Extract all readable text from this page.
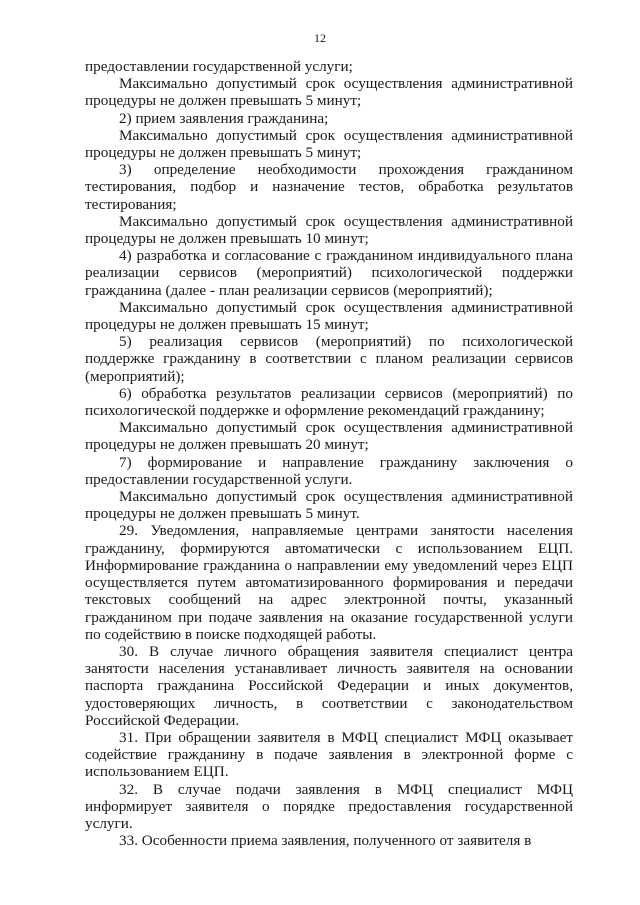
12

предоставлении государственной услуги;

Максимально допустимый срок осуществления административной процедуры не должен превышать 5 минут;

2) прием заявления гражданина;

Максимально допустимый срок осуществления административной процедуры не должен превышать 5 минут;

3) определение необходимости прохождения гражданином тестирования, подбор и назначение тестов, обработка результатов тестирования;

Максимально допустимый срок осуществления административной процедуры не должен превышать 10 минут;

4) разработка и согласование с гражданином индивидуального плана реализации сервисов (мероприятий) психологической поддержки гражданина (далее - план реализации сервисов (мероприятий);

Максимально допустимый срок осуществления административной процедуры не должен превышать 15 минут;

5) реализация сервисов (мероприятий) по психологической поддержке гражданину в соответствии с планом реализации сервисов (мероприятий);

6) обработка результатов реализации сервисов (мероприятий) по психологической поддержке и оформление рекомендаций гражданину;

Максимально допустимый срок осуществления административной процедуры не должен превышать 20 минут;

7) формирование и направление гражданину заключения о предоставлении государственной услуги.

Максимально допустимый срок осуществления административной процедуры не должен превышать 5 минут.

29. Уведомления, направляемые центрами занятости населения гражданину, формируются автоматически с использованием ЕЦП. Информирование гражданина о направлении ему уведомлений через ЕЦП осуществляется путем автоматизированного формирования и передачи текстовых сообщений на адрес электронной почты, указанный гражданином при подаче заявления на оказание государственной услуги по содействию в поиске подходящей работы.

30. В случае личного обращения заявителя специалист центра занятости населения устанавливает личность заявителя на основании паспорта гражданина Российской Федерации и иных документов, удостоверяющих личность, в соответствии с законодательством Российской Федерации.

31. При обращении заявителя в МФЦ специалист МФЦ оказывает содействие гражданину в подаче заявления в электронной форме с использованием ЕЦП.

32. В случае подачи заявления в МФЦ специалист МФЦ информирует заявителя о порядке предоставления государственной услуги.

33. Особенности приема заявления, полученного от заявителя в
